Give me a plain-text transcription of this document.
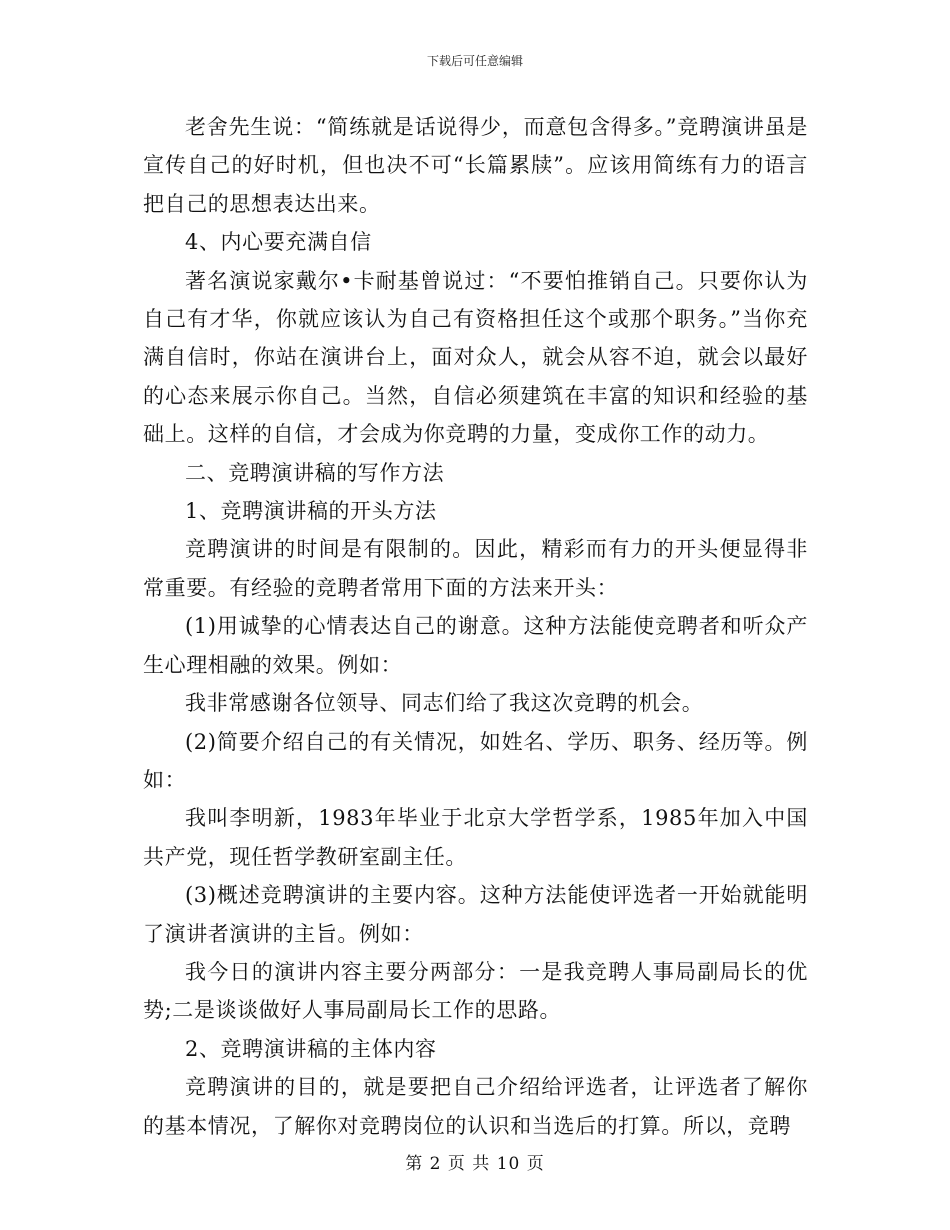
下载后可任意编辑

老舍先生说：“简练就是话说得少，而意包含得多。”竞聘演讲虽是宣传自己的好时机，但也决不可“长篇累牍”。应该用简练有力的语言把自己的思想表达出来。

4、内心要充满自信

著名演说家戴尔•卡耐基曾说过：“不要怕推销自己。只要你认为自己有才华，你就应该认为自己有资格担任这个或那个职务。”当你充满自信时，你站在演讲台上，面对众人，就会从容不迫，就会以最好的心态来展示你自己。当然，自信必须建筑在丰富的知识和经验的基础上。这样的自信，才会成为你竞聘的力量，变成你工作的动力。

二、竞聘演讲稿的写作方法

1、竞聘演讲稿的开头方法

竞聘演讲的时间是有限制的。因此，精彩而有力的开头便显得非常重要。有经验的竞聘者常用下面的方法来开头：

(1)用诚挚的心情表达自己的谢意。这种方法能使竞聘者和听众产生心理相融的效果。例如：

我非常感谢各位领导、同志们给了我这次竞聘的机会。

(2)简要介绍自己的有关情况，如姓名、学历、职务、经历等。例如：

我叫李明新，1983年毕业于北京大学哲学系，1985年加入中国共产党，现任哲学教研室副主任。

(3)概述竞聘演讲的主要内容。这种方法能使评选者一开始就能明了演讲者演讲的主旨。例如：

我今日的演讲内容主要分两部分：一是我竞聘人事局副局长的优势;二是谈谈做好人事局副局长工作的思路。

2、竞聘演讲稿的主体内容

竞聘演讲的目的，就是要把自己介绍给评选者，让评选者了解你的基本情况，了解你对竞聘岗位的认识和当选后的打算。所以，竞聘

第 2 页 共 10 页
